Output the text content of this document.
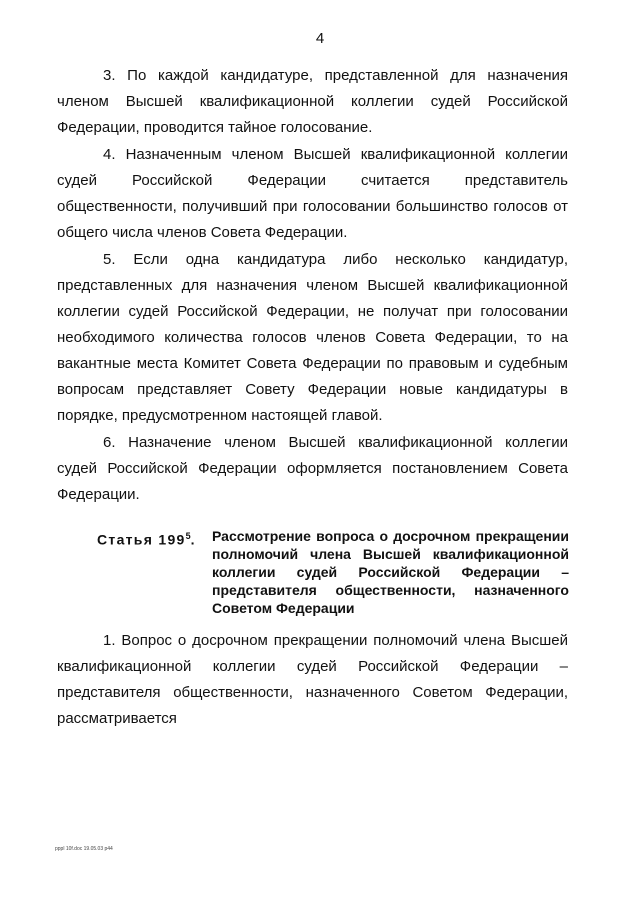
4

3. По каждой кандидатуре, представленной для назначения членом Высшей квалификационной коллегии судей Российской Федерации, проводится тайное голосование.

4. Назначенным членом Высшей квалификационной коллегии судей Российской Федерации считается представитель общественности, получивший при голосовании большинство голосов от общего числа членов Совета Федерации.

5. Если одна кандидатура либо несколько кандидатур, представленных для назначения членом Высшей квалификационной коллегии судей Российской Федерации, не получат при голосовании необходимого количества голосов членов Совета Федерации, то на вакантные места Комитет Совета Федерации по правовым и судебным вопросам представляет Совету Федерации новые кандидатуры в порядке, предусмотренном настоящей главой.

6. Назначение членом Высшей квалификационной коллегии судей Российской Федерации оформляется постановлением Совета Федерации.

Статья $199^5$.	Рассмотрение вопроса о досрочном прекращении полномочий члена Высшей квалификационной коллегии судей Российской Федерации – представителя общественности, назначенного Советом Федерации

1. Вопрос о досрочном прекращении полномочий члена Высшей квалификационной коллегии судей Российской Федерации – представителя общественности, назначенного Советом Федерации, рассматривается

pppl 10f.doc 19.05.03 p44
